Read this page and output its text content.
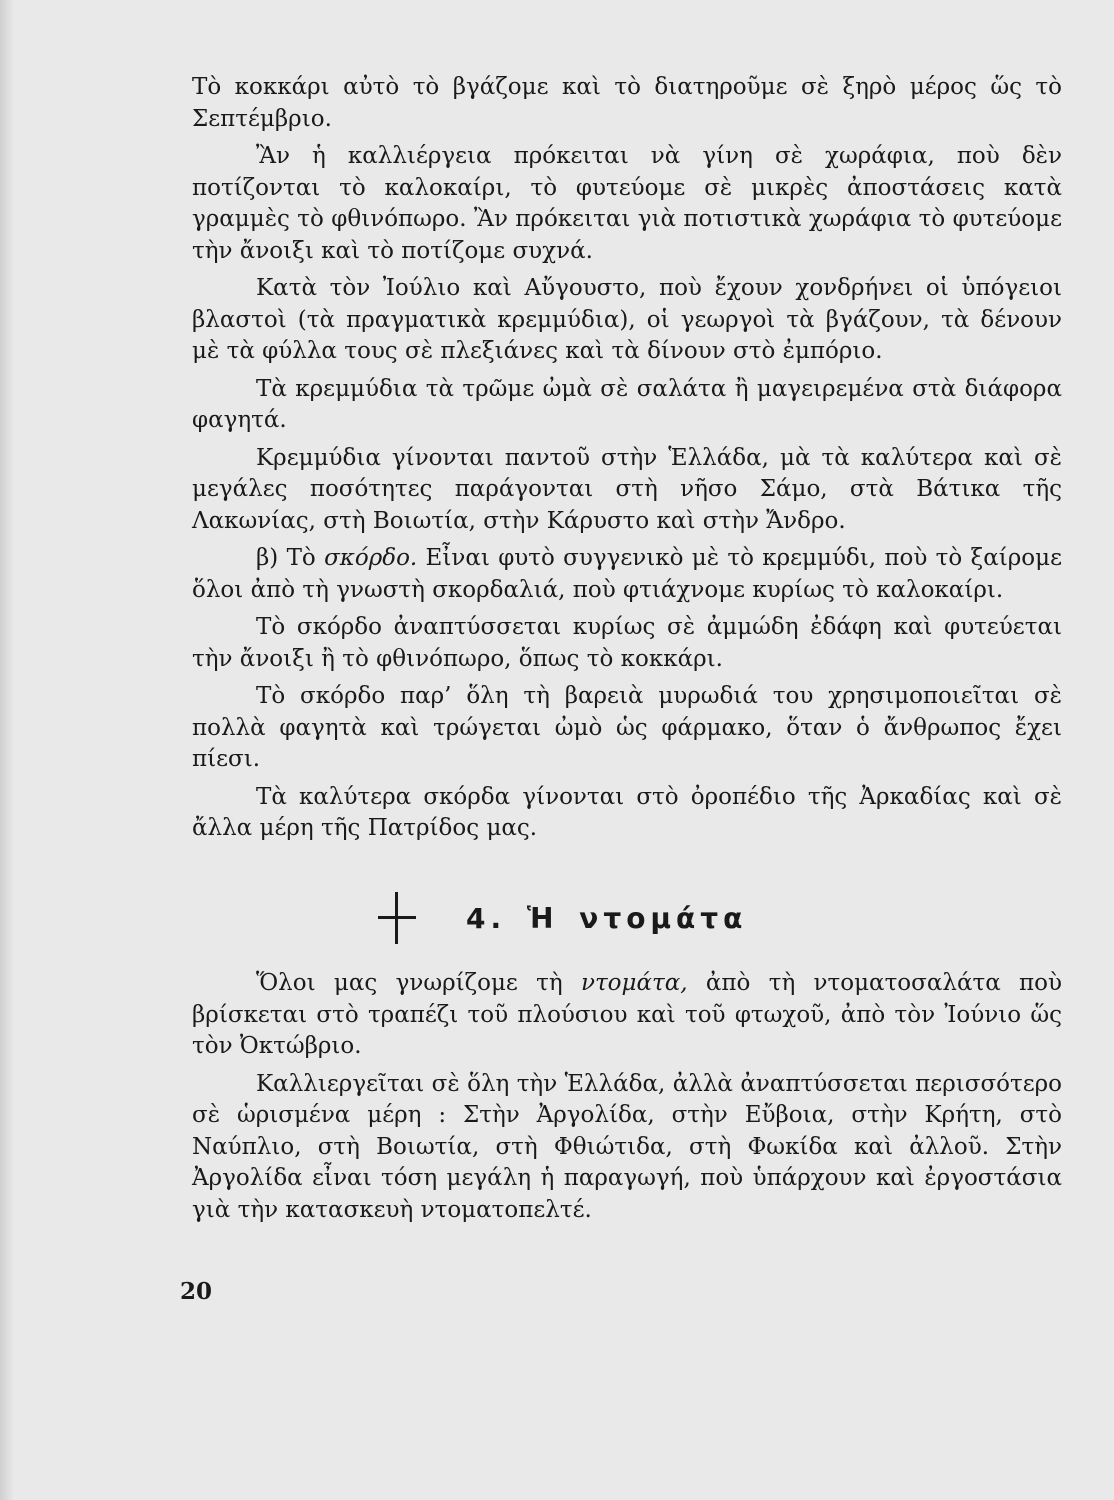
Τὸ κοκκάρι αὐτὸ τὸ βγάζομε καὶ τὸ διατηροῦμε σὲ ξηρὸ μέρος ὥς τὸ Σεπτέμβριο.

Ἂν ἡ καλλιέργεια πρόκειται νὰ γίνη σὲ χωράφια, ποὺ δὲν ποτίζονται τὸ καλοκαίρι, τὸ φυτεύομε σὲ μικρὲς ἀποστάσεις κατὰ γραμμὲς τὸ φθινόπωρο. Ἂν πρόκειται γιὰ ποτιστικὰ χωράφια τὸ φυτεύομε τὴν ἄνοιξι καὶ τὸ ποτίζομε συχνά.

Κατὰ τὸν Ἰούλιο καὶ Αὔγουστο, ποὺ ἔχουν χονδρήνει οἱ ὑπόγειοι βλαστοὶ (τὰ πραγματικὰ κρεμμύδια), οἱ γεωργοὶ τὰ βγάζουν, τὰ δένουν μὲ τὰ φύλλα τους σὲ πλεξιάνες καὶ τὰ δίνουν στὸ ἐμπόριο.

Τὰ κρεμμύδια τὰ τρῶμε ὠμὰ σὲ σαλάτα ἢ μαγειρεμένα στὰ διάφορα φαγητά.

Κρεμμύδια γίνονται παντοῦ στὴν Ἑλλάδα, μὰ τὰ καλύτερα καὶ σὲ μεγάλες ποσότητες παράγονται στὴ νῆσο Σάμο, στὰ Βάτικα τῆς Λακωνίας, στὴ Βοιωτία, στὴν Κάρυστο καὶ στὴν Ἄνδρο.

β) Τὸ σκόρδο. Εἶναι φυτὸ συγγενικὸ μὲ τὸ κρεμμύδι, ποὺ τὸ ξαίρομε ὅλοι ἀπὸ τὴ γνωστὴ σκορδαλιά, ποὺ φτιάχνομε κυρίως τὸ καλοκαίρι.

Τὸ σκόρδο ἀναπτύσσεται κυρίως σὲ ἀμμώδη ἐδάφη καὶ φυτεύεται τὴν ἄνοιξι ἢ τὸ φθινόπωρο, ὅπως τὸ κοκκάρι.

Τὸ σκόρδο παρ’ ὅλη τὴ βαρειὰ μυρωδιά του χρησιμοποιεῖται σὲ πολλὰ φαγητὰ καὶ τρώγεται ὠμὸ ὡς φάρμακο, ὅταν ὁ ἄνθρωπος ἔχει πίεσι.

Τὰ καλύτερα σκόρδα γίνονται στὸ ὀροπέδιο τῆς Ἀρκαδίας καὶ σὲ ἄλλα μέρη τῆς Πατρίδος μας.

4. Ἡ ντομάτα

Ὅλοι μας γνωρίζομε τὴ ντομάτα, ἀπὸ τὴ ντοματοσαλάτα ποὺ βρίσκεται στὸ τραπέζι τοῦ πλούσιου καὶ τοῦ φτωχοῦ, ἀπὸ τὸν Ἰούνιο ὥς τὸν Ὀκτώβριο.

Καλλιεργεῖται σὲ ὅλη τὴν Ἑλλάδα, ἀλλὰ ἀναπτύσσεται περισσότερο σὲ ὡρισμένα μέρη : Στὴν Ἀργολίδα, στὴν Εὔβοια, στὴν Κρήτη, στὸ Ναύπλιο, στὴ Βοιωτία, στὴ Φθιώτιδα, στὴ Φωκίδα καὶ ἀλλοῦ. Στὴν Ἀργολίδα εἶναι τόση μεγάλη ἡ παραγωγή, ποὺ ὑπάρχουν καὶ ἐργοστάσια γιὰ τὴν κατασκευὴ ντοματοπελτέ.

20
